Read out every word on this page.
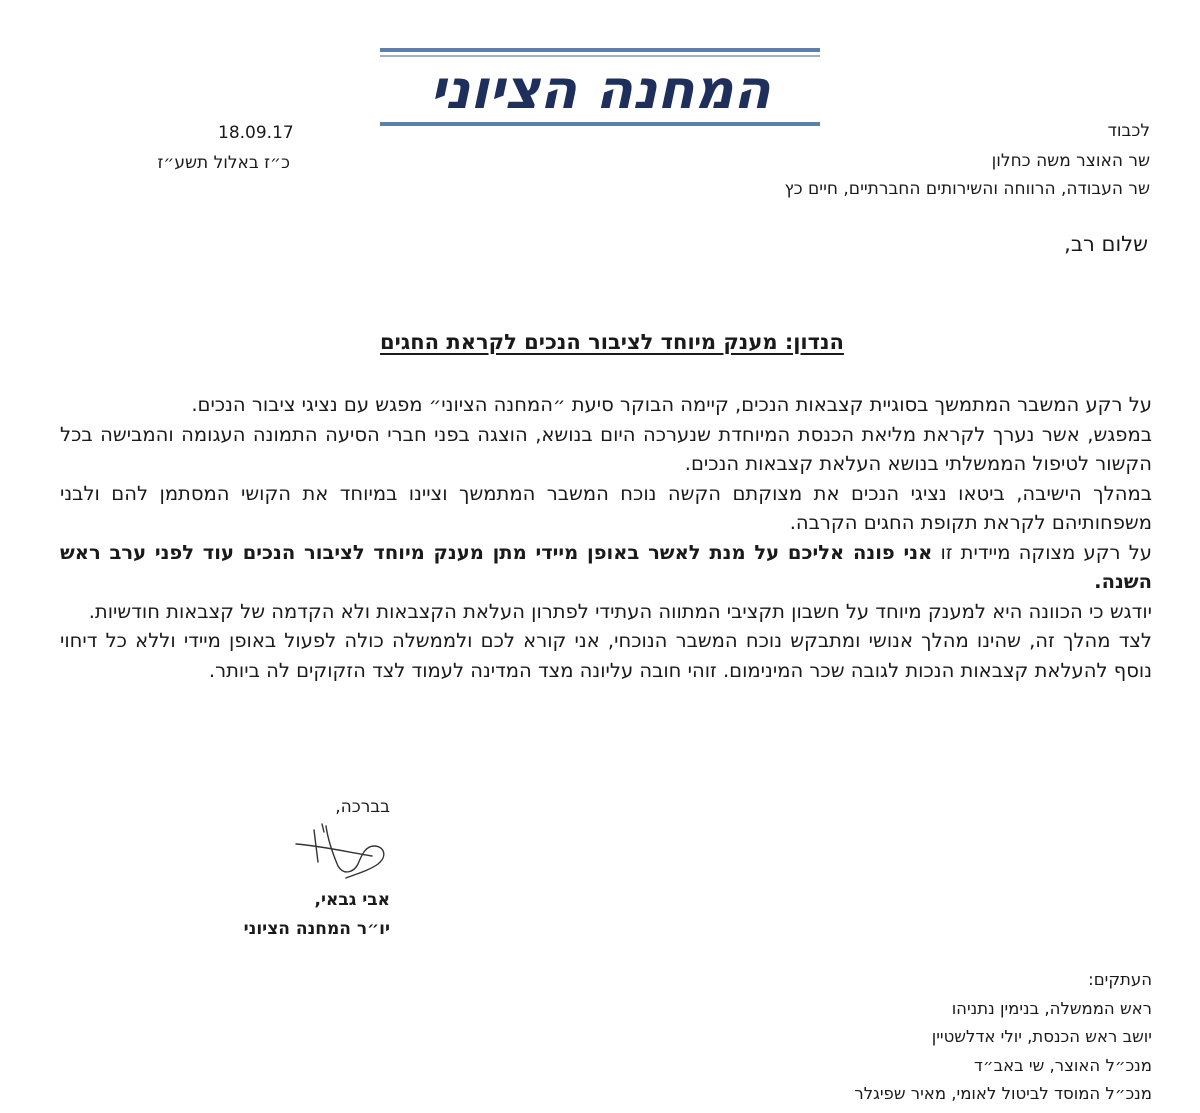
המחנה הציוני
18.09.17
כ״ז באלול תשע״ז
לכבוד
שר האוצר משה כחלון
שר העבודה, הרווחה והשירותים החברתיים, חיים כץ
שלום רב,
הנדון: מענק מיוחד לציבור הנכים לקראת החגים

על רקע המשבר המתמשך בסוגיית קצבאות הנכים, קיימה הבוקר סיעת ״המחנה הציוני״ מפגש עם נציגי ציבור הנכים.

במפגש, אשר נערך לקראת מליאת הכנסת המיוחדת שנערכה היום בנושא, הוצגה בפני חברי הסיעה התמונה העגומה והמבישה בכל הקשור לטיפול הממשלתי בנושא העלאת קצבאות הנכים.

במהלך הישיבה, ביטאו נציגי הנכים את מצוקתם הקשה נוכח המשבר המתמשך וציינו במיוחד את הקושי המסתמן להם ולבני משפחותיהם לקראת תקופת החגים הקרבה.

על רקע מצוקה מיידית זו אני פונה אליכם על מנת לאשר באופן מיידי מתן מענק מיוחד לציבור הנכים עוד לפני ערב ראש השנה.

יודגש כי הכוונה היא למענק מיוחד על חשבון תקציבי המתווה העתידי לפתרון העלאת הקצבאות ולא הקדמה של קצבאות חודשיות.

לצד מהלך זה, שהינו מהלך אנושי ומתבקש נוכח המשבר הנוכחי, אני קורא לכם ולממשלה כולה לפעול באופן מיידי וללא כל דיחוי נוסף להעלאת קצבאות הנכות לגובה שכר המינימום. זוהי חובה עליונה מצד המדינה לעמוד לצד הזקוקים לה ביותר.

בברכה,
אבי גבאי,
יו״ר המחנה הציוני
העתקים:
ראש הממשלה, בנימין נתניהו
יושב ראש הכנסת, יולי אדלשטיין
מנכ״ל האוצר, שי באב״ד
מנכ״ל המוסד לביטול לאומי, מאיר שפיגלר
